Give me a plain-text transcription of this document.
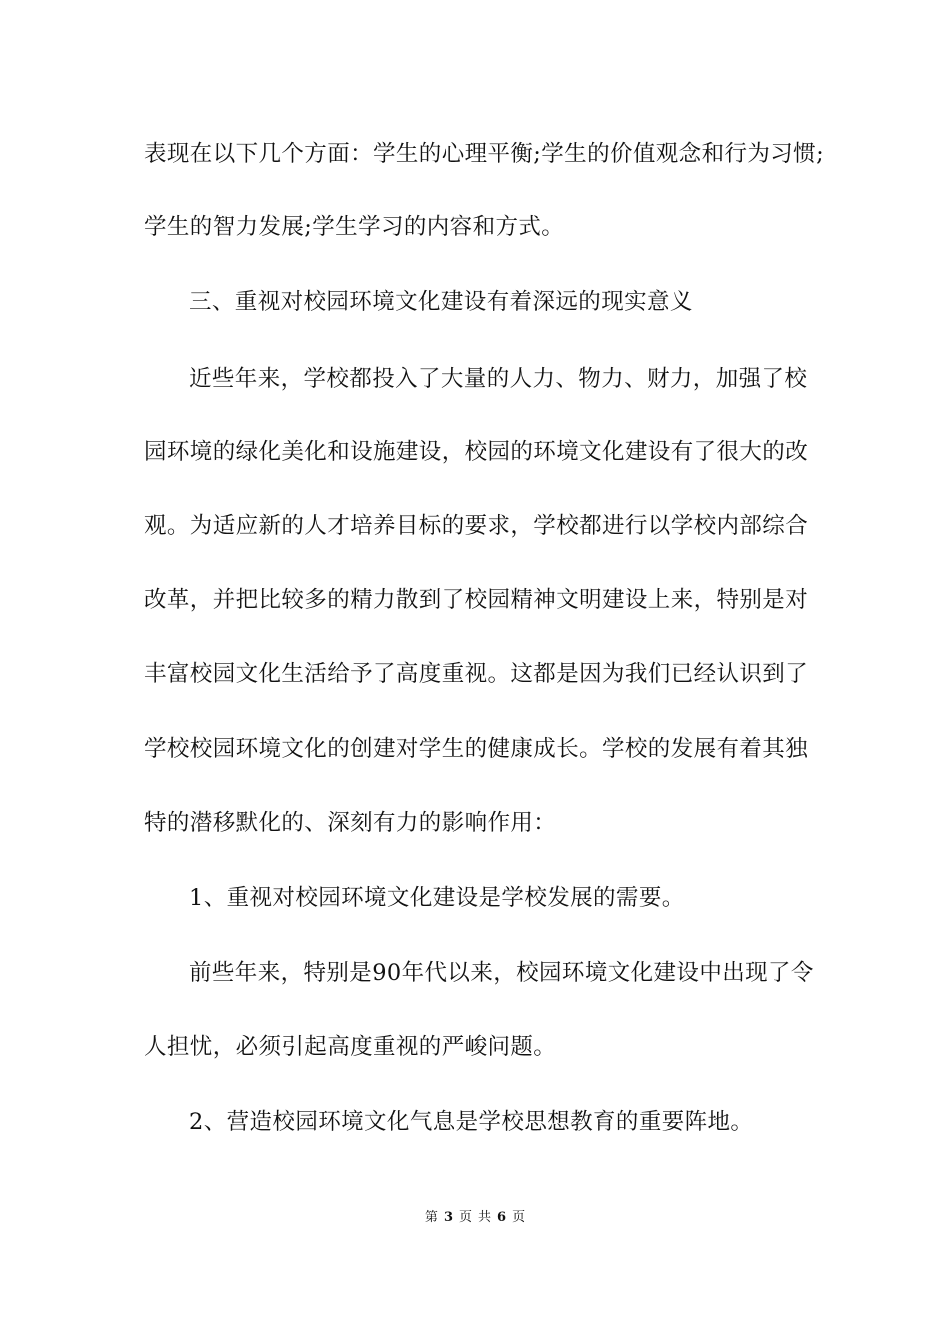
表现在以下几个方面：学生的心理平衡;学生的价值观念和行为习惯;
学生的智力发展;学生学习的内容和方式。
三、重视对校园环境文化建设有着深远的现实意义
近些年来，学校都投入了大量的人力、物力、财力，加强了校
园环境的绿化美化和设施建设，校园的环境文化建设有了很大的改
观。为适应新的人才培养目标的要求，学校都进行以学校内部综合
改革，并把比较多的精力散到了校园精神文明建设上来，特别是对
丰富校园文化生活给予了高度重视。这都是因为我们已经认识到了
学校校园环境文化的创建对学生的健康成长。学校的发展有着其独
特的潜移默化的、深刻有力的影响作用：
1、重视对校园环境文化建设是学校发展的需要。
前些年来，特别是90年代以来，校园环境文化建设中出现了令
人担忧，必须引起高度重视的严峻问题。
2、营造校园环境文化气息是学校思想教育的重要阵地。
第 3 页 共 6 页
